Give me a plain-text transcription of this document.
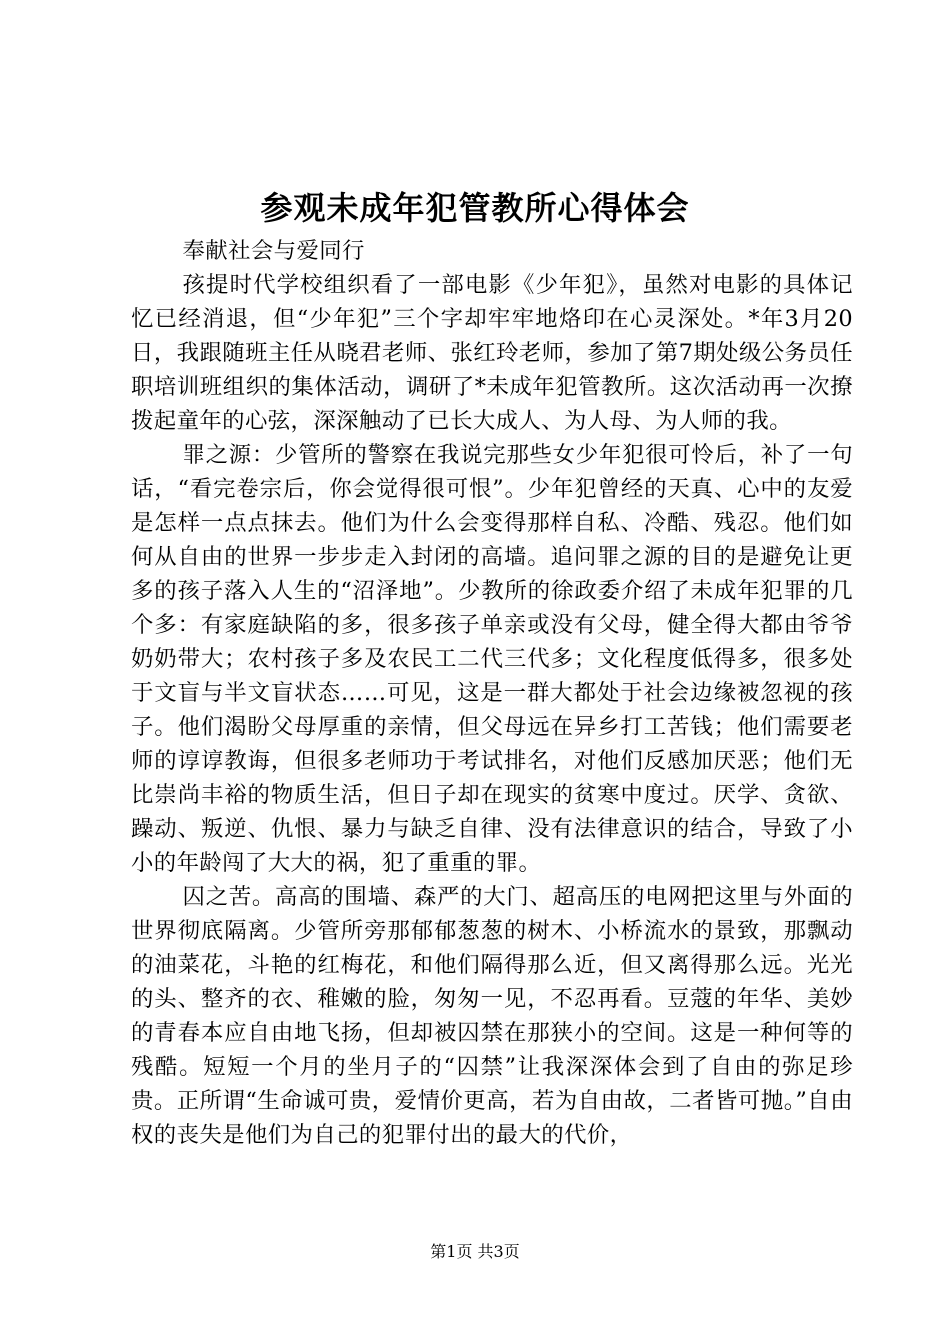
参观未成年犯管教所心得体会

奉献社会与爱同行

孩提时代学校组织看了一部电影《少年犯》，虽然对电影的具体记忆已经消退，但“少年犯”三个字却牢牢地烙印在心灵深处。*年3月20日，我跟随班主任从晓君老师、张红玲老师，参加了第7期处级公务员任职培训班组织的集体活动，调研了*未成年犯管教所。这次活动再一次撩拨起童年的心弦，深深触动了已长大成人、为人母、为人师的我。

罪之源：少管所的警察在我说完那些女少年犯很可怜后，补了一句话，“看完卷宗后，你会觉得很可恨”。少年犯曾经的天真、心中的友爱是怎样一点点抹去。他们为什么会变得那样自私、冷酷、残忍。他们如何从自由的世界一步步走入封闭的高墙。追问罪之源的目的是避免让更多的孩子落入人生的“沼泽地”。少教所的徐政委介绍了未成年犯罪的几个多：有家庭缺陷的多，很多孩子单亲或没有父母，健全得大都由爷爷奶奶带大；农村孩子多及农民工二代三代多；文化程度低得多，很多处于文盲与半文盲状态……可见，这是一群大都处于社会边缘被忽视的孩子。他们渴盼父母厚重的亲情，但父母远在异乡打工苦钱；他们需要老师的谆谆教诲，但很多老师功于考试排名，对他们反感加厌恶；他们无比崇尚丰裕的物质生活，但日子却在现实的贫寒中度过。厌学、贪欲、躁动、叛逆、仇恨、暴力与缺乏自律、没有法律意识的结合，导致了小小的年龄闯了大大的祸，犯了重重的罪。

囚之苦。高高的围墙、森严的大门、超高压的电网把这里与外面的世界彻底隔离。少管所旁那郁郁葱葱的树木、小桥流水的景致，那飘动的油菜花，斗艳的红梅花，和他们隔得那么近，但又离得那么远。光光的头、整齐的衣、稚嫩的脸，匆匆一见，不忍再看。豆蔻的年华、美妙的青春本应自由地飞扬，但却被囚禁在那狭小的空间。这是一种何等的残酷。短短一个月的坐月子的“囚禁”让我深深体会到了自由的弥足珍贵。正所谓“生命诚可贵，爱情价更高，若为自由故，二者皆可抛。”自由权的丧失是他们为自己的犯罪付出的最大的代价，

第1页 共3页
